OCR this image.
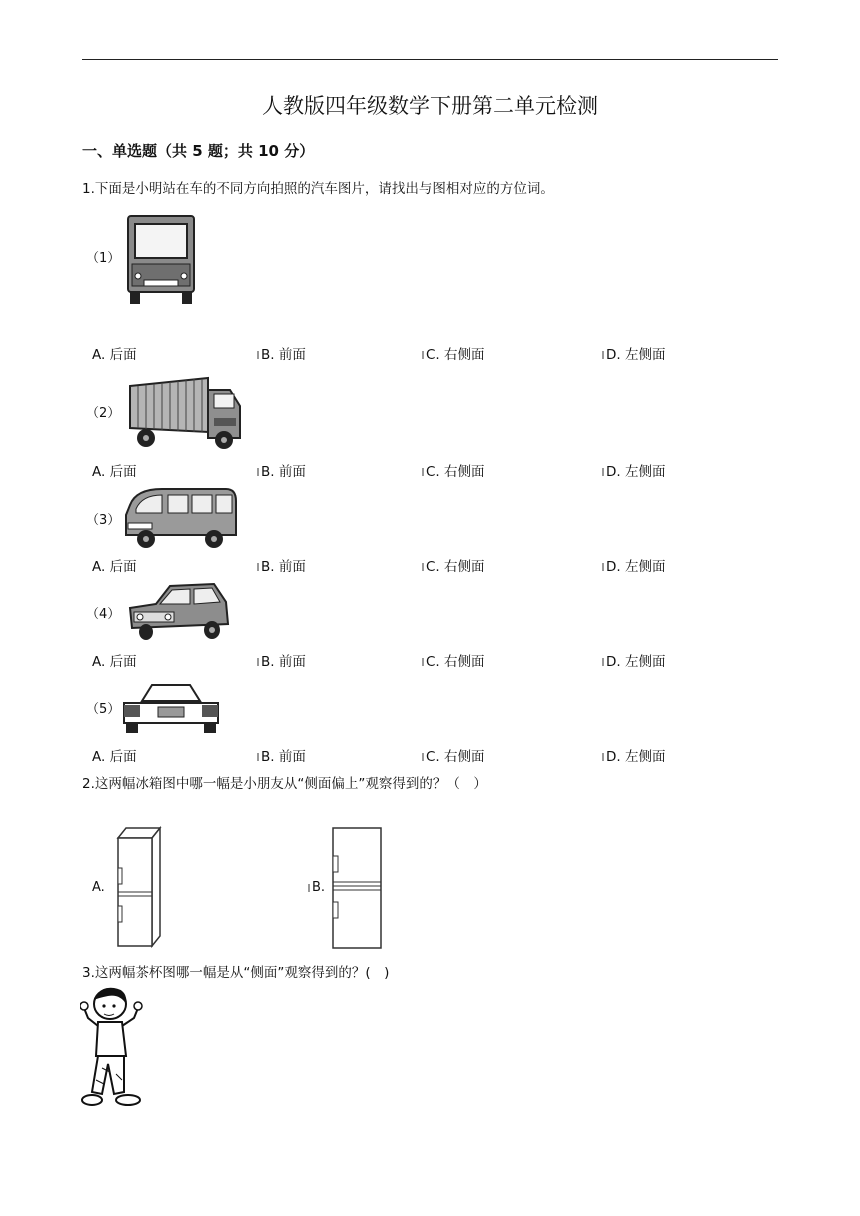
人教版四年级数学下册第二单元检测
一、单选题（共 5 题；共 10 分）
1.下面是小明站在车的不同方向拍照的汽车图片，请找出与图相对应的方位词。
（1）
A. 后面	B. 前面	C. 右侧面	D. 左侧面
（2）
A. 后面	B. 前面	C. 右侧面	D. 左侧面
（3）
A. 后面	B. 前面	C. 右侧面	D. 左侧面
（4）
A. 后面	B. 前面	C. 右侧面	D. 左侧面
（5）
A. 后面	B. 前面	C. 右侧面	D. 左侧面
2.这两幅冰箱图中哪一幅是小朋友从“侧面偏上”观察得到的？（　）
A.	B.
3.这两幅茶杯图哪一幅是从“侧面”观察得到的？(　)
